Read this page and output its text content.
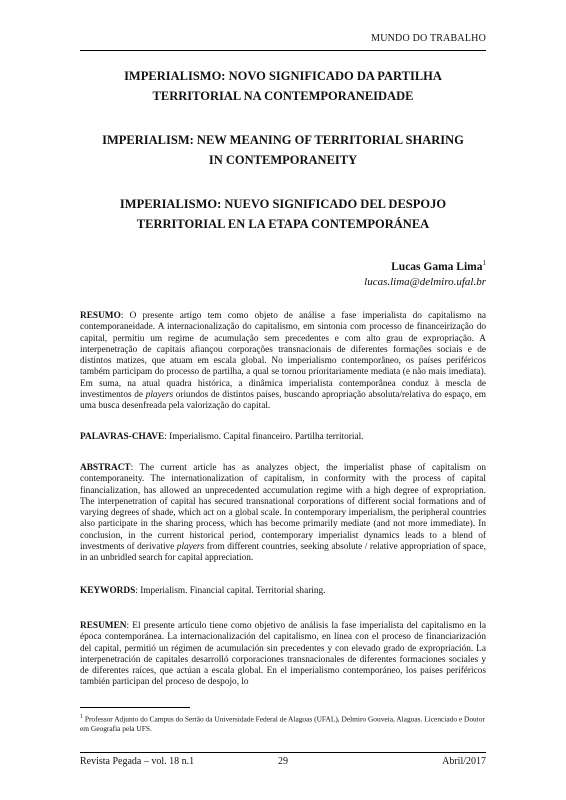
MUNDO DO TRABALHO

IMPERIALISMO: NOVO SIGNIFICADO DA PARTILHA
TERRITORIAL NA CONTEMPORANEIDADE

IMPERIALISM: NEW MEANING OF TERRITORIAL SHARING
IN CONTEMPORANEITY

IMPERIALISMO: NUEVO SIGNIFICADO DEL DESPOJO
TERRITORIAL EN LA ETAPA CONTEMPORÁNEA

Lucas Gama Lima$^1$
lucas.lima@delmiro.ufal.br

RESUMO: O presente artigo tem como objeto de análise a fase imperialista do capitalismo na contemporaneidade. A internacionalização do capitalismo, em sintonia com processo de financeirização do capital, permitiu um regime de acumulação sem precedentes e com alto grau de expropriação. A interpenetração de capitais afiançou corporações transnacionais de diferentes formações sociais e de distintos matizes, que atuam em escala global. No imperialismo contemporâneo, os países periféricos também participam do processo de partilha, a qual se tornou prioritariamente mediata (e não mais imediata). Em suma, na atual quadra histórica, a dinâmica imperialista contemporânea conduz à mescla de investimentos de players oriundos de distintos países, buscando apropriação absoluta/relativa do espaço, em uma busca desenfreada pela valorização do capital.

PALAVRAS-CHAVE: Imperialismo. Capital financeiro. Partilha territorial.

ABSTRACT: The current article has as analyzes object, the imperialist phase of capitalism on contemporaneity. The internationalization of capitalism, in conformity with the process of capital financialization, has allowed an unprecedented accumulation regime with a high degree of expropriation. The interpenetration of capital has secured transnational corporations of different social formations and of varying degrees of shade, which act on a global scale. In contemporary imperialism, the peripheral countries also participate in the sharing process, which has become primarily mediate (and not more immediate). In conclusion, in the current historical period, contemporary imperialist dynamics leads to a blend of investments of derivative players from different countries, seeking absolute / relative appropriation of space, in an unbridled search for capital appreciation.

KEYWORDS: Imperialism. Financial capital. Territorial sharing.

RESUMEN: El presente artículo tiene como objetivo de análisis la fase imperialista del capitalismo en la época contemporánea. La internacionalización del capitalismo, en línea con el proceso de financiarización del capital, permitió un régimen de acumulación sin precedentes y con elevado grado de expropriación. La interpenetración de capitales desarrolló corporaciones transnacionales de diferentes formaciones sociales y de diferentes raíces, que actúan a escala global. En el imperialismo contemporáneo, los países periféricos también participan del proceso de despojo, lo

$^1$ Professor Adjunto do Campus do Sertão da Universidade Federal de Alagoas (UFAL), Delmiro Gouveia, Alagoas. Licenciado e Doutor em Geografia pela UFS.
Revista Pegada – vol. 18 n.1	29	Abril/2017
